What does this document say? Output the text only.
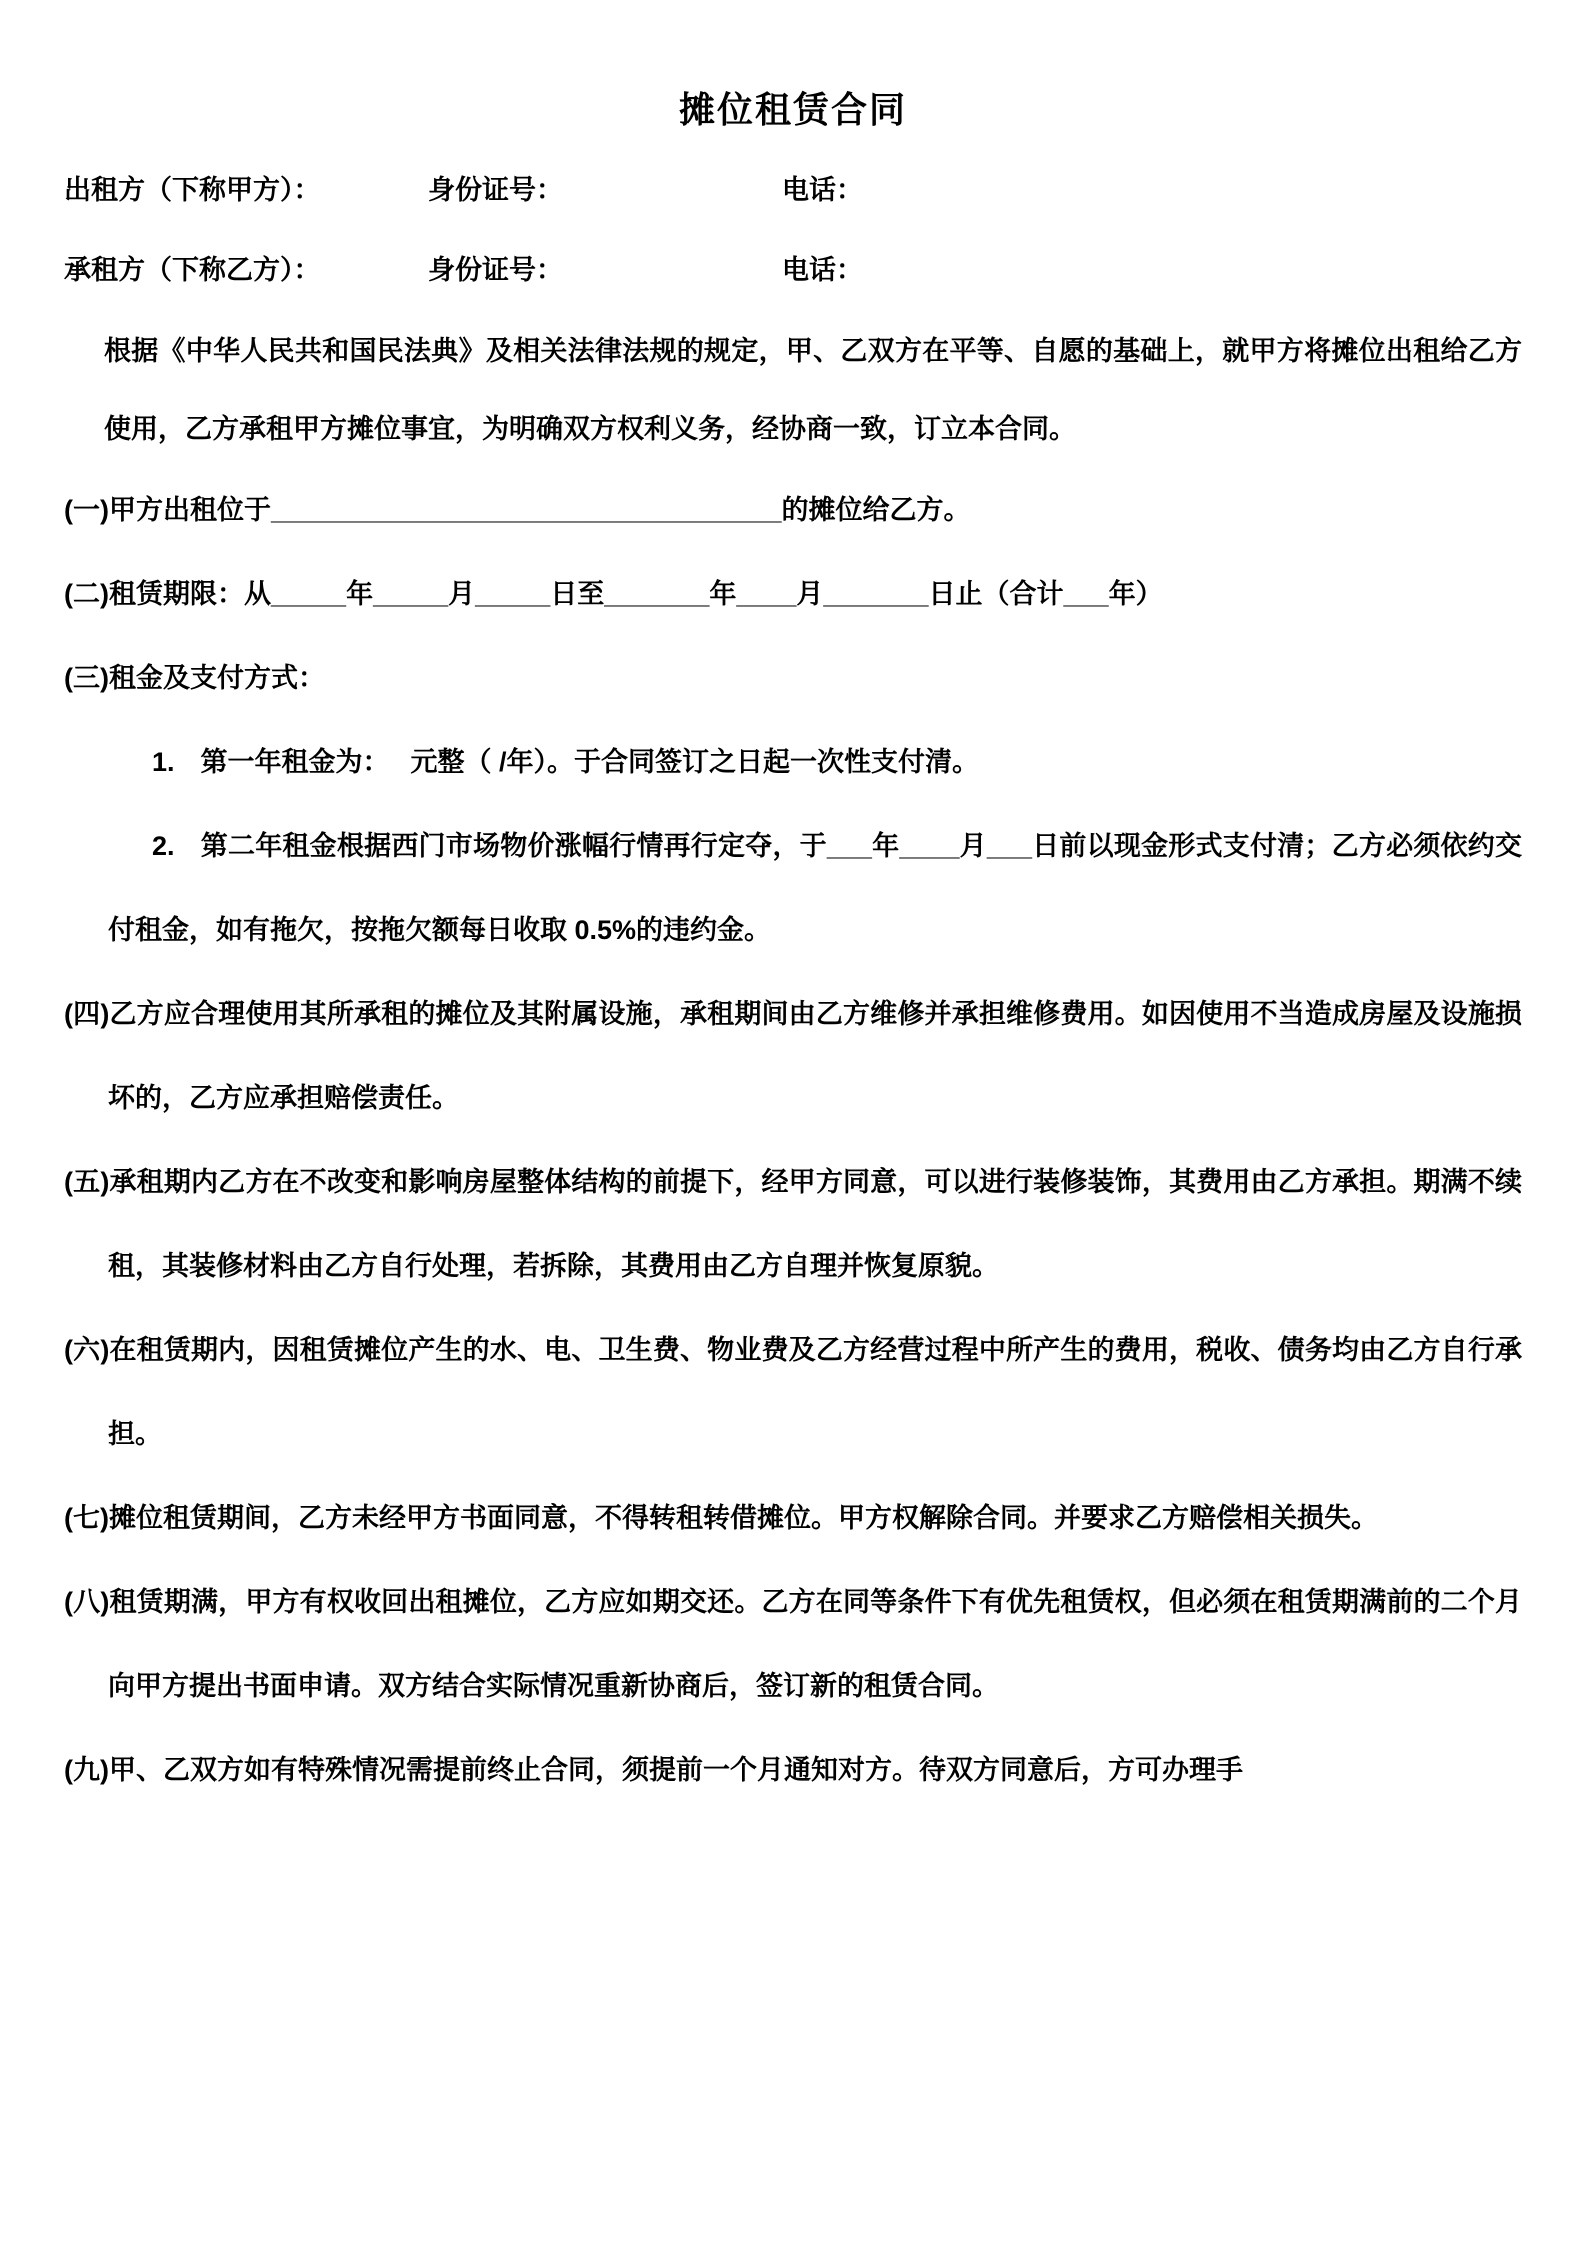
摊位租赁合同
出租方（下称甲方）：	身份证号：	电话：
承租方（下称乙方）：	身份证号：	电话：

根据《中华人民共和国民法典》及相关法律法规的规定，甲、乙双方在平等、自愿的基础上，就甲方将摊位出租给乙方使用，乙方承租甲方摊位事宜，为明确双方权利义务，经协商一致，订立本合同。

(一)甲方出租位于__________________________________的摊位给乙方。

(二)租赁期限：从_____年_____月_____日至_______年____月_______日止（合计___年）

(三)租金及支付方式：

1. 第一年租金为：　 元整（ /年）。于合同签订之日起一次性支付清。

2. 第二年租金根据西门市场物价涨幅行情再行定夺，于___年____月___日前以现金形式支付清；乙方必须依约交付租金，如有拖欠，按拖欠额每日收取 0.5%的违约金。

(四)乙方应合理使用其所承租的摊位及其附属设施，承租期间由乙方维修并承担维修费用。如因使用不当造成房屋及设施损坏的，乙方应承担赔偿责任。

(五)承租期内乙方在不改变和影响房屋整体结构的前提下，经甲方同意，可以进行装修装饰，其费用由乙方承担。期满不续租，其装修材料由乙方自行处理，若拆除，其费用由乙方自理并恢复原貌。

(六)在租赁期内，因租赁摊位产生的水、电、卫生费、物业费及乙方经营过程中所产生的费用，税收、债务均由乙方自行承担。

(七)摊位租赁期间，乙方未经甲方书面同意，不得转租转借摊位。甲方权解除合同。并要求乙方赔偿相关损失。

(八)租赁期满，甲方有权收回出租摊位，乙方应如期交还。乙方在同等条件下有优先租赁权，但必须在租赁期满前的二个月向甲方提出书面申请。双方结合实际情况重新协商后，签订新的租赁合同。

(九)甲、乙双方如有特殊情况需提前终止合同，须提前一个月通知对方。待双方同意后，方可办理手
